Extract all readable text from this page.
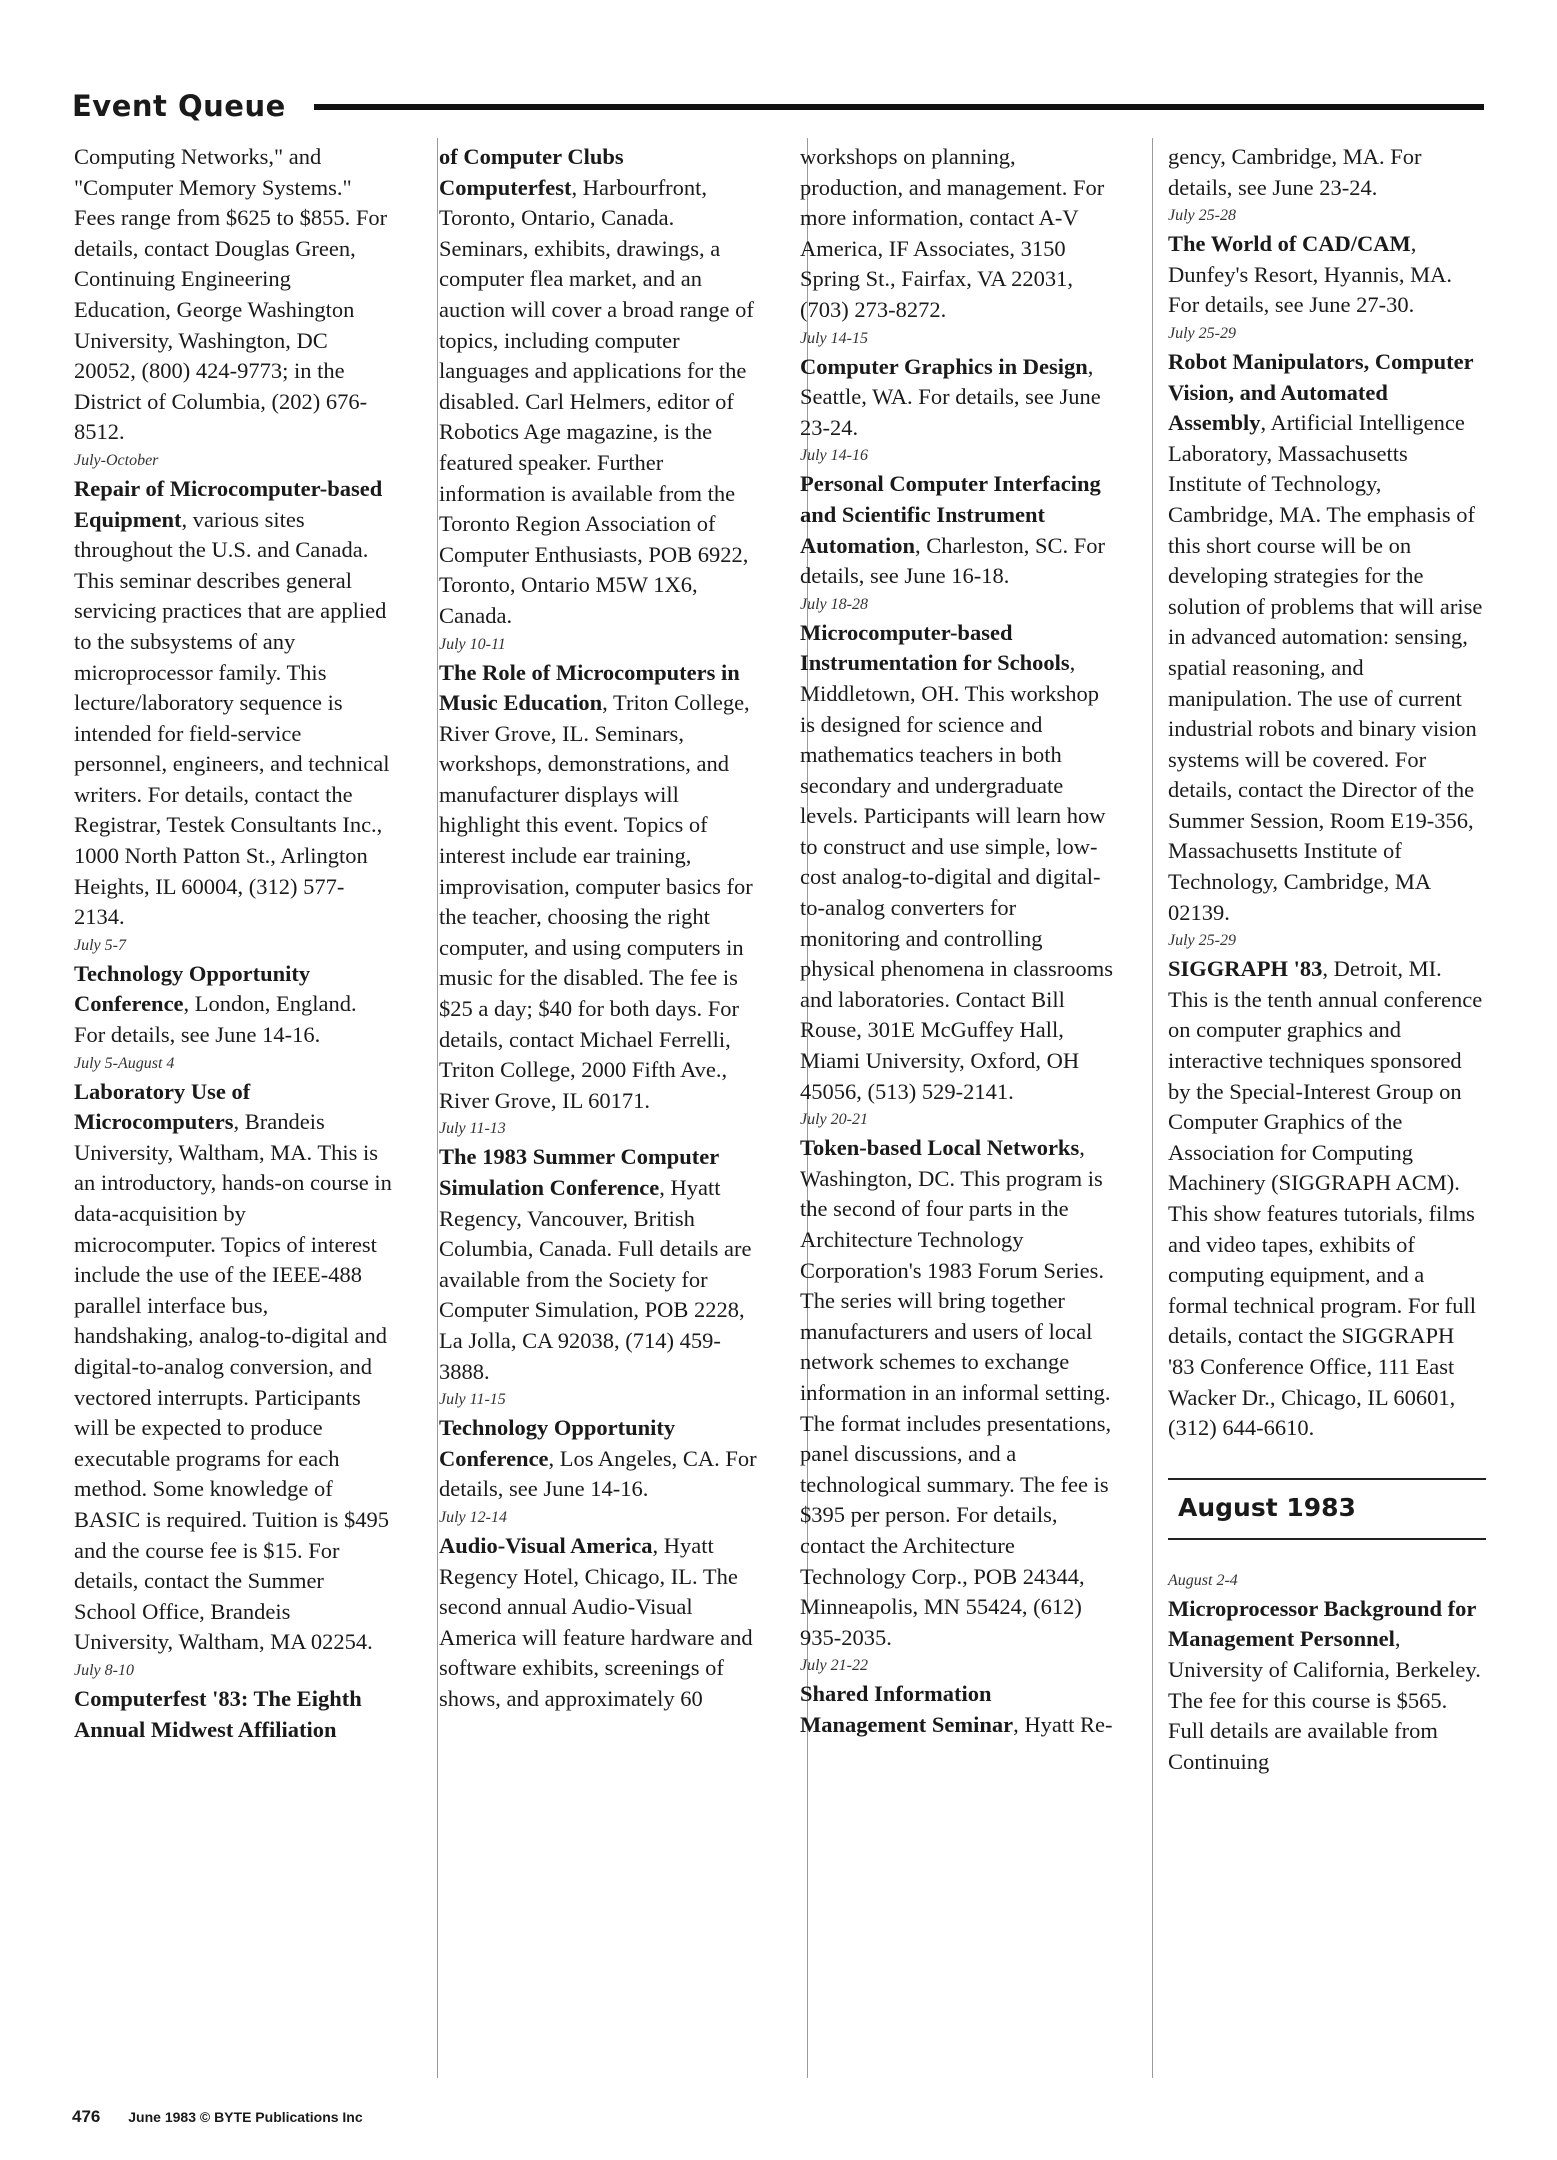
Event Queue

Computing Networks," and "Computer Memory Systems." Fees range from $625 to $855. For details, contact Douglas Green, Continuing Engineering Education, George Washington University, Washington, DC 20052, (800) 424-9773; in the District of Columbia, (202) 676-8512.

July-October
Repair of Microcomputer-based Equipment, various sites throughout the U.S. and Canada. This seminar describes general servicing practices that are applied to the subsystems of any microprocessor family. This lecture/laboratory sequence is intended for field-service personnel, engineers, and technical writers. For details, contact the Registrar, Testek Consultants Inc., 1000 North Patton St., Arlington Heights, IL 60004, (312) 577-2134.

July 5-7
Technology Opportunity Conference, London, England. For details, see June 14-16.

July 5-August 4
Laboratory Use of Microcomputers, Brandeis University, Waltham, MA. This is an introductory, hands-on course in data-acquisition by microcomputer. Topics of interest include the use of the IEEE-488 parallel interface bus, handshaking, analog-to-digital and digital-to-analog conversion, and vectored interrupts. Participants will be expected to produce executable programs for each method. Some knowledge of BASIC is required. Tuition is $495 and the course fee is $15. For details, contact the Summer School Office, Brandeis University, Waltham, MA 02254.

July 8-10
Computerfest '83: The Eighth Annual Midwest Affiliation

of Computer Clubs Computerfest, Harbourfront, Toronto, Ontario, Canada. Seminars, exhibits, drawings, a computer flea market, and an auction will cover a broad range of topics, including computer languages and applications for the disabled. Carl Helmers, editor of Robotics Age magazine, is the featured speaker. Further information is available from the Toronto Region Association of Computer Enthusiasts, POB 6922, Toronto, Ontario M5W 1X6, Canada.

July 10-11
The Role of Microcomputers in Music Education, Triton College, River Grove, IL. Seminars, workshops, demonstrations, and manufacturer displays will highlight this event. Topics of interest include ear training, improvisation, computer basics for the teacher, choosing the right computer, and using computers in music for the disabled. The fee is $25 a day; $40 for both days. For details, contact Michael Ferrelli, Triton College, 2000 Fifth Ave., River Grove, IL 60171.

July 11-13
The 1983 Summer Computer Simulation Conference, Hyatt Regency, Vancouver, British Columbia, Canada. Full details are available from the Society for Computer Simulation, POB 2228, La Jolla, CA 92038, (714) 459-3888.

July 11-15
Technology Opportunity Conference, Los Angeles, CA. For details, see June 14-16.

July 12-14
Audio-Visual America, Hyatt Regency Hotel, Chicago, IL. The second annual Audio-Visual America will feature hardware and software exhibits, screenings of shows, and approximately 60

workshops on planning, production, and management. For more information, contact A-V America, IF Associates, 3150 Spring St., Fairfax, VA 22031, (703) 273-8272.

July 14-15
Computer Graphics in Design, Seattle, WA. For details, see June 23-24.

July 14-16
Personal Computer Interfacing and Scientific Instrument Automation, Charleston, SC. For details, see June 16-18.

July 18-28
Microcomputer-based Instrumentation for Schools, Middletown, OH. This workshop is designed for science and mathematics teachers in both secondary and undergraduate levels. Participants will learn how to construct and use simple, low-cost analog-to-digital and digital-to-analog converters for monitoring and controlling physical phenomena in classrooms and laboratories. Contact Bill Rouse, 301E McGuffey Hall, Miami University, Oxford, OH 45056, (513) 529-2141.

July 20-21
Token-based Local Networks, Washington, DC. This program is the second of four parts in the Architecture Technology Corporation's 1983 Forum Series. The series will bring together manufacturers and users of local network schemes to exchange information in an informal setting. The format includes presentations, panel discussions, and a technological summary. The fee is $395 per person. For details, contact the Architecture Technology Corp., POB 24344, Minneapolis, MN 55424, (612) 935-2035.

July 21-22
Shared Information Management Seminar, Hyatt Re-

gency, Cambridge, MA. For details, see June 23-24.

July 25-28
The World of CAD/CAM, Dunfey's Resort, Hyannis, MA. For details, see June 27-30.

July 25-29
Robot Manipulators, Computer Vision, and Automated Assembly, Artificial Intelligence Laboratory, Massachusetts Institute of Technology, Cambridge, MA. The emphasis of this short course will be on developing strategies for the solution of problems that will arise in advanced automation: sensing, spatial reasoning, and manipulation. The use of current industrial robots and binary vision systems will be covered. For details, contact the Director of the Summer Session, Room E19-356, Massachusetts Institute of Technology, Cambridge, MA 02139.

July 25-29
SIGGRAPH '83, Detroit, MI. This is the tenth annual conference on computer graphics and interactive techniques sponsored by the Special-Interest Group on Computer Graphics of the Association for Computing Machinery (SIGGRAPH ACM). This show features tutorials, films and video tapes, exhibits of computing equipment, and a formal technical program. For full details, contact the SIGGRAPH '83 Conference Office, 111 East Wacker Dr., Chicago, IL 60601, (312) 644-6610.

August 1983

August 2-4
Microprocessor Background for Management Personnel, University of California, Berkeley. The fee for this course is $565. Full details are available from Continuing

476 June 1983 © BYTE Publications Inc
